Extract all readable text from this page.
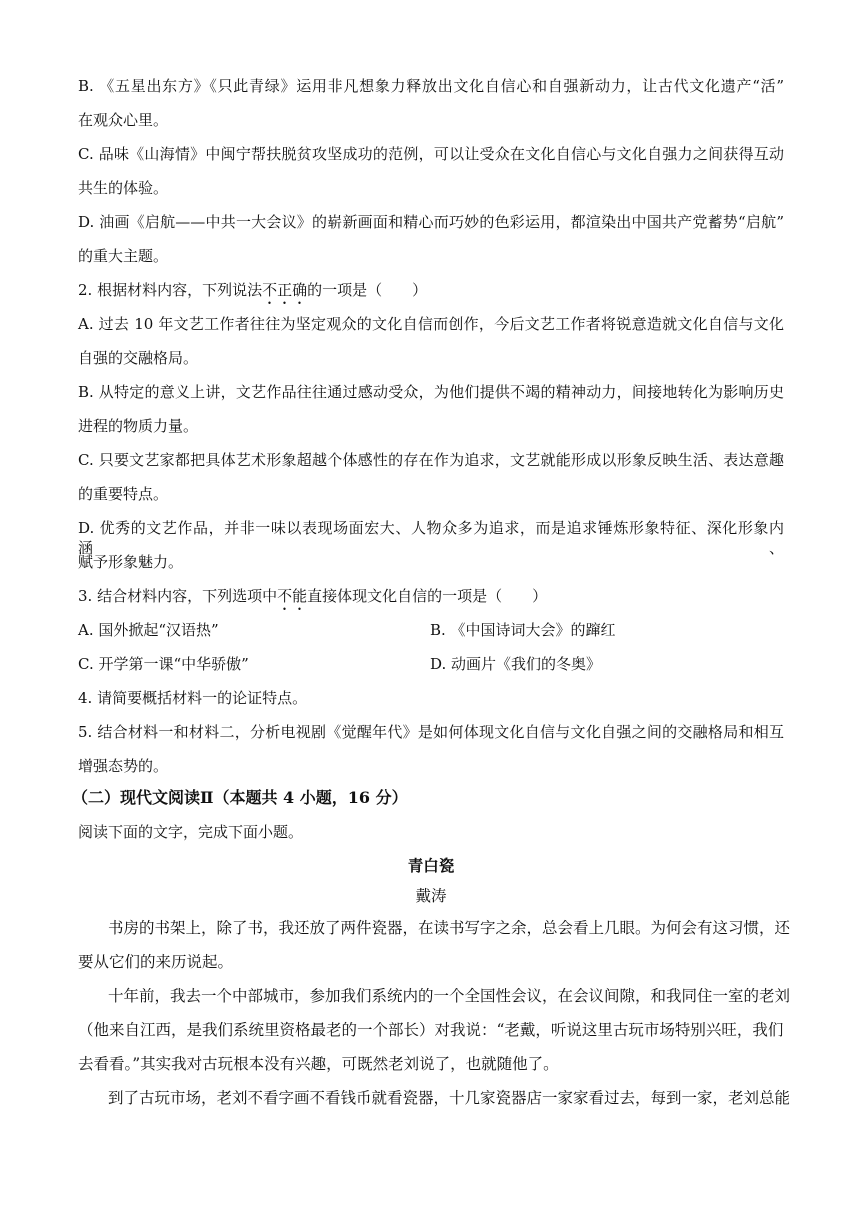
B. 《五星出东方》《只此青绿》运用非凡想象力释放出文化自信心和自强新动力，让古代文化遗产“活”
在观众心里。
C. 品味《山海情》中闽宁帮扶脱贫攻坚成功的范例，可以让受众在文化自信心与文化自强力之间获得互动
共生的体验。
D. 油画《启航——中共一大会议》的崭新画面和精心而巧妙的色彩运用，都渲染出中国共产党蓄势“启航”
的重大主题。
2. 根据材料内容，下列说法不正确的一项是（　　）
A. 过去 10 年文艺工作者往往为坚定观众的文化自信而创作，今后文艺工作者将锐意造就文化自信与文化
自强的交融格局。
B. 从特定的意义上讲，文艺作品往往通过感动受众，为他们提供不竭的精神动力，间接地转化为影响历史
进程的物质力量。
C. 只要文艺家都把具体艺术形象超越个体感性的存在作为追求，文艺就能形成以形象反映生活、表达意趣
的重要特点。
D. 优秀的文艺作品，并非一味以表现场面宏大、人物众多为追求，而是追求锤炼形象特征、深化形象内涵、
赋予形象魅力。
3. 结合材料内容，下列选项中不能直接体现文化自信的一项是（　　）
A. 国外掀起“汉语热”	B. 《中国诗词大会》的蹿红
C. 开学第一课“中华骄傲”	D. 动画片《我们的冬奥》
4. 请简要概括材料一的论证特点。
5. 结合材料一和材料二，分析电视剧《觉醒年代》是如何体现文化自信与文化自强之间的交融格局和相互
增强态势的。
（二）现代文阅读Ⅱ（本题共 4 小题，16 分）
阅读下面的文字，完成下面小题。
青白瓷
戴涛
书房的书架上，除了书，我还放了两件瓷器，在读书写字之余，总会看上几眼。为何会有这习惯，还
要从它们的来历说起。
十年前，我去一个中部城市，参加我们系统内的一个全国性会议，在会议间隙，和我同住一室的老刘
（他来自江西，是我们系统里资格最老的一个部长）对我说：“老戴，听说这里古玩市场特别兴旺，我们
去看看。”其实我对古玩根本没有兴趣，可既然老刘说了，也就随他了。
到了古玩市场，老刘不看字画不看钱币就看瓷器，十几家瓷器店一家家看过去，每到一家，老刘总能
